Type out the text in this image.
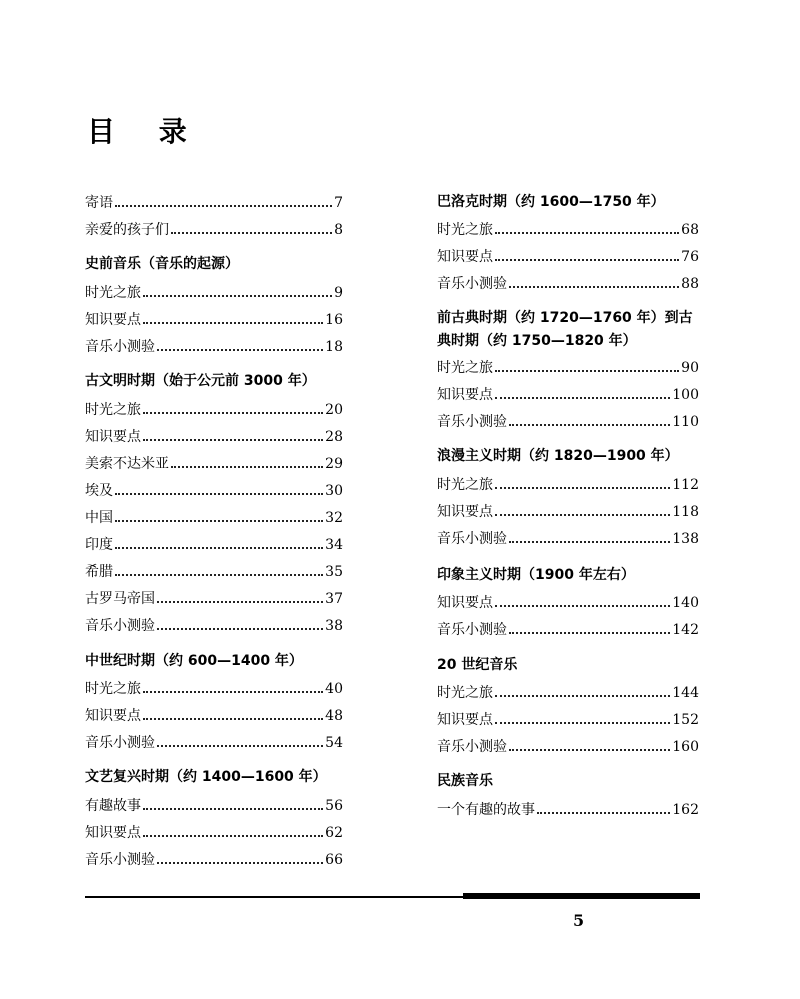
目 录
寄语	7
亲爱的孩子们	8
史前音乐（音乐的起源）
时光之旅	9
知识要点	16
音乐小测验	18
古文明时期（始于公元前 3000 年）
时光之旅	20
知识要点	28
美索不达米亚	29
埃及	30
中国	32
印度	34
希腊	35
古罗马帝国	37
音乐小测验	38
中世纪时期（约 600—1400 年）
时光之旅	40
知识要点	48
音乐小测验	54
文艺复兴时期（约 1400—1600 年）
有趣故事	56
知识要点	62
音乐小测验	66
巴洛克时期（约 1600—1750 年）
时光之旅	68
知识要点	76
音乐小测验	88
前古典时期（约 1720—1760 年）到古
典时期（约 1750—1820 年）
时光之旅	90
知识要点	100
音乐小测验	110
浪漫主义时期（约 1820—1900 年）
时光之旅	112
知识要点	118
音乐小测验	138
印象主义时期（1900 年左右）
知识要点	140
音乐小测验	142
20 世纪音乐
时光之旅	144
知识要点	152
音乐小测验	160
民族音乐
一个有趣的故事	162
5
